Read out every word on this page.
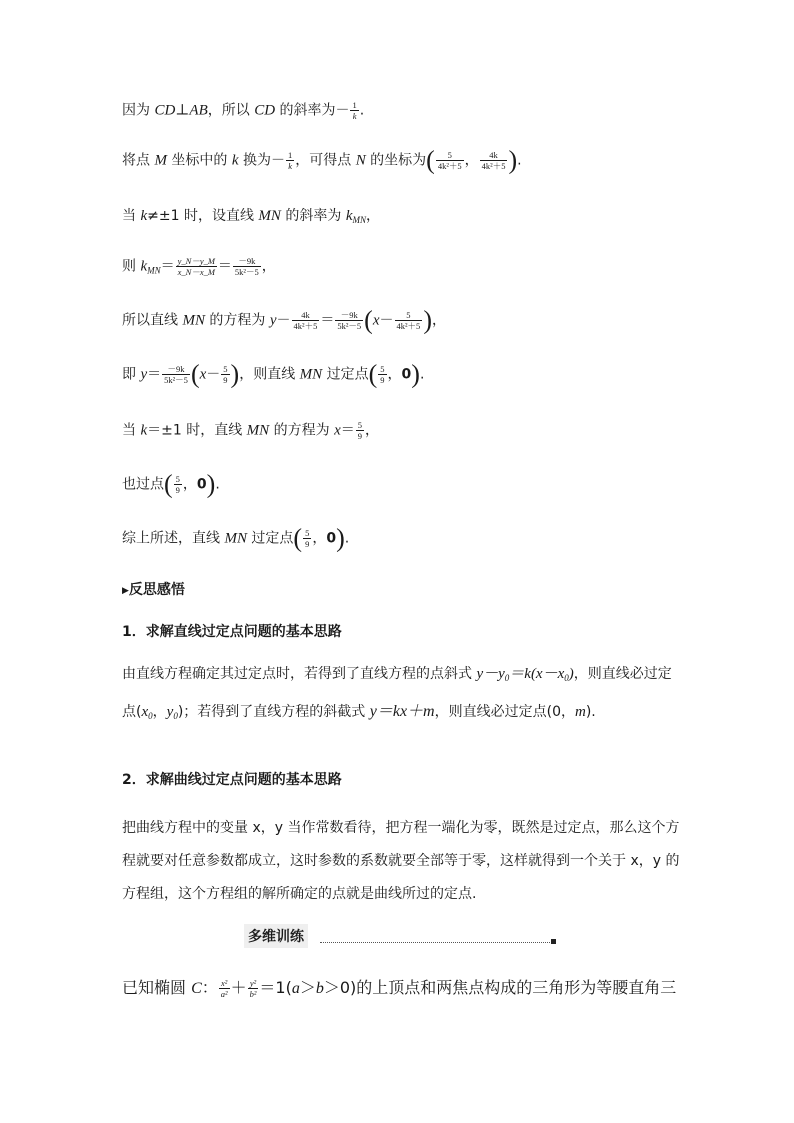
因为 CD⊥AB，所以 CD 的斜率为－ $\frac{1}{k}$ .
将点 M 坐标中的 k 换为－ $\frac{1}{k}$ ，可得点 N 的坐标为( $\frac{5}{\text{4k²＋5}}$ ， $\frac{4k}{\text{4k²＋5}}$ ).
当 k≠±1 时，设直线 MN 的斜率为 $k_{MN}$，
则 $k_{MN}= \frac{y\_N-y\_M}{x\_N-x\_M} = \frac{-9k}{\text{5k²－5}}$ ，
所以直线 MN 的方程为 $y- \frac{4k}{\text{4k²＋5}} = \frac{-9k}{\text{5k²－5}} (x- \frac{5}{\text{4k²＋5}}$ )，
即 $y= \frac{-9k}{\text{5k²－5}} (x- \frac{5}{9}$ )，则直线 MN 过定点( $\frac{5}{9}$ ，0).
当 k＝±1 时，直线 MN 的方程为 $x= \frac{5}{9}$ ，
也过点( $\frac{5}{9}$ ，0).
综上所述，直线 MN 过定点( $\frac{5}{9}$ ，0).
▶反思感悟
1．求解直线过定点问题的基本思路
由直线方程确定其过定点时，若得到了直线方程的点斜式 $y-y_0=k(x-x_0)$，则直线必过定点($x_0$，$y_0$)；若得到了直线方程的斜截式 y＝kx＋m，则直线必过定点(0，m).
2．求解曲线过定点问题的基本思路
把曲线方程中的变量 x，y 当作常数看待，把方程一端化为零，既然是过定点，那么这个方程就要对任意参数都成立，这时参数的系数就要全部等于零，这样就得到一个关于 x，y 的方程组，这个方程组的解所确定的点就是曲线所过的定点.
多维训练
已知椭圆 C： $\frac{\text{x²}}{\text{a²}} + \frac{\text{y²}}{\text{b²}} =1(a>b>0)$的上顶点和两焦点构成的三角形为等腰直角三
